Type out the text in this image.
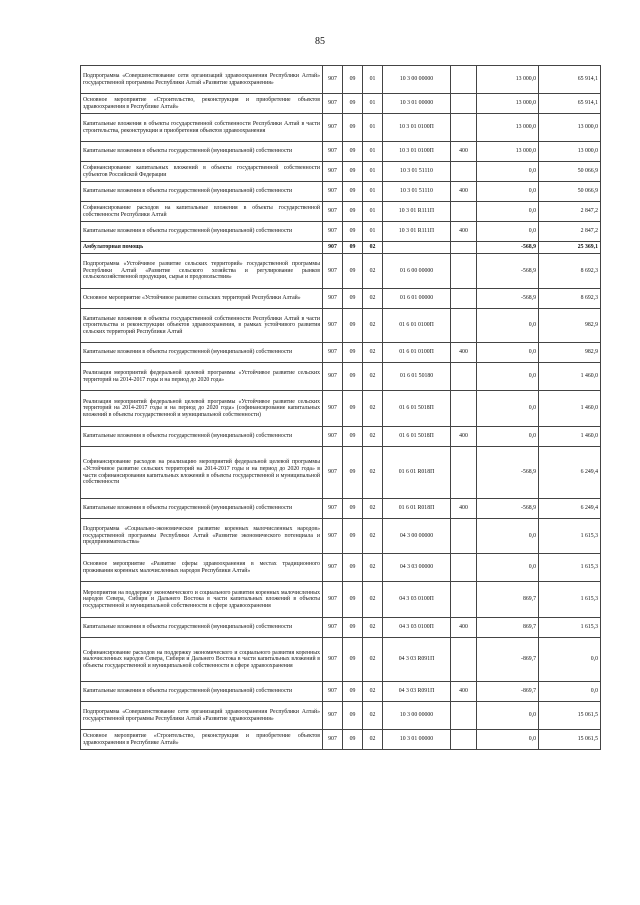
85
Подпрограмма «Совершенствование сети организаций здравоохранения Республики Алтай» государственной программы Республики Алтай «Развитие здравоохранения»	907	09	01	10 3 00 00000		13 000,0	65 914,1
Основное мероприятие «Строительство, реконструкция и приобретение объектов здравоохранения в Республике Алтай»	907	09	01	10 3 01 00000		13 000,0	65 914,1
Капитальные вложения в объекты государственной собственности Республики Алтай в части строительства, реконструкции и приобретения объектов здравоохранения	907	09	01	10 3 01 0100П		13 000,0	13 000,0
Капитальные вложения в объекты государственной (муниципальной) собственности	907	09	01	10 3 01 0100П	400	13 000,0	13 000,0
Софинансирование капитальных вложений в объекты государственной собственности субъектов Российской Федерации	907	09	01	10 3 01 51110		0,0	50 066,9
Капитальные вложения в объекты государственной (муниципальной) собственности	907	09	01	10 3 01 51110	400	0,0	50 066,9
Софинансирование расходов на капитальные вложения в объекты государственной собственности Республики Алтай	907	09	01	10 3 01 R111П		0,0	2 847,2
Капитальные вложения в объекты государственной (муниципальной) собственности	907	09	01	10 3 01 R111П	400	0,0	2 847,2
Амбулаторная помощь	907	09	02			-568,9	25 369,1
Подпрограмма «Устойчивое развитие сельских территорий» государственной программы Республики Алтай «Развитие сельского хозяйства и регулирование рынков сельскохозяйственной продукции, сырья и продовольствия»	907	09	02	01 6 00 00000		-568,9	8 692,3
Основное мероприятие «Устойчивое развитие сельских территорий Республики Алтай»	907	09	02	01 6 01 00000		-568,9	8 692,3
Капитальные вложения в объекты государственной собственности Республики Алтай в части строительства и реконструкции объектов здравоохранения, в рамках устойчивого развития сельских территорий Республики Алтай	907	09	02	01 6 01 0100П		0,0	982,9
Капитальные вложения в объекты государственной (муниципальной) собственности	907	09	02	01 6 01 0100П	400	0,0	982,9
Реализация мероприятий федеральной целевой программы «Устойчивое развитие сельских территорий на 2014-2017 годы и на период до 2020 года»	907	09	02	01 6 01 50180		0,0	1 460,0
Реализация мероприятий федеральной целевой программы «Устойчивое развитие сельских территорий на 2014-2017 годы и на период до 2020 года» (софинансирование капитальных вложений в объекты государственной и муниципальной собственности)	907	09	02	01 6 01 5018П		0,0	1 460,0
Капитальные вложения в объекты государственной (муниципальной) собственности	907	09	02	01 6 01 5018П	400	0,0	1 460,0
Софинансирование расходов на реализацию мероприятий федеральной целевой программы «Устойчивое развитие сельских территорий на 2014-2017 годы и на период до 2020 года» в части софинансирования капитальных вложений в объекты государственной и муниципальной собственности	907	09	02	01 6 01 R018П		-568,9	6 249,4
Капитальные вложения в объекты государственной (муниципальной) собственности	907	09	02	01 6 01 R018П	400	-568,9	6 249,4
Подпрограмма «Социально-экономическое развитие коренных малочисленных народов» государственной программы Республики Алтай «Развитие экономического потенциала и предпринимательства»	907	09	02	04 3 00 00000		0,0	1 615,3
Основное мероприятие «Развитие сферы здравоохранения в местах традиционного проживания коренных малочисленных народов Республики Алтай»	907	09	02	04 3 03 00000		0,0	1 615,3
Мероприятия на поддержку экономического и социального развития коренных малочисленных народов Севера, Сибири и Дальнего Востока в части капитальных вложений в объекты государственной и муниципальной собственности в сфере здравоохранения	907	09	02	04 3 03 0100П		869,7	1 615,3
Капитальные вложения в объекты государственной (муниципальной) собственности	907	09	02	04 3 03 0100П	400	869,7	1 615,3
Софинансирование расходов на поддержку экономического и социального развития коренных малочисленных народов Севера, Сибири и Дальнего Востока в части капитальных вложений в объекты государственной и муниципальной собственности в сфере здравоохранения	907	09	02	04 3 03 R091П		-869,7	0,0
Капитальные вложения в объекты государственной (муниципальной) собственности	907	09	02	04 3 03 R091П	400	-869,7	0,0
Подпрограмма «Совершенствование сети организаций здравоохранения Республики Алтай» государственной программы Республики Алтай «Развитие здравоохранения»	907	09	02	10 3 00 00000		0,0	15 061,5
Основное мероприятие «Строительство, реконструкция и приобретение объектов здравоохранения в Республике Алтай»	907	09	02	10 3 01 00000		0,0	15 061,5
